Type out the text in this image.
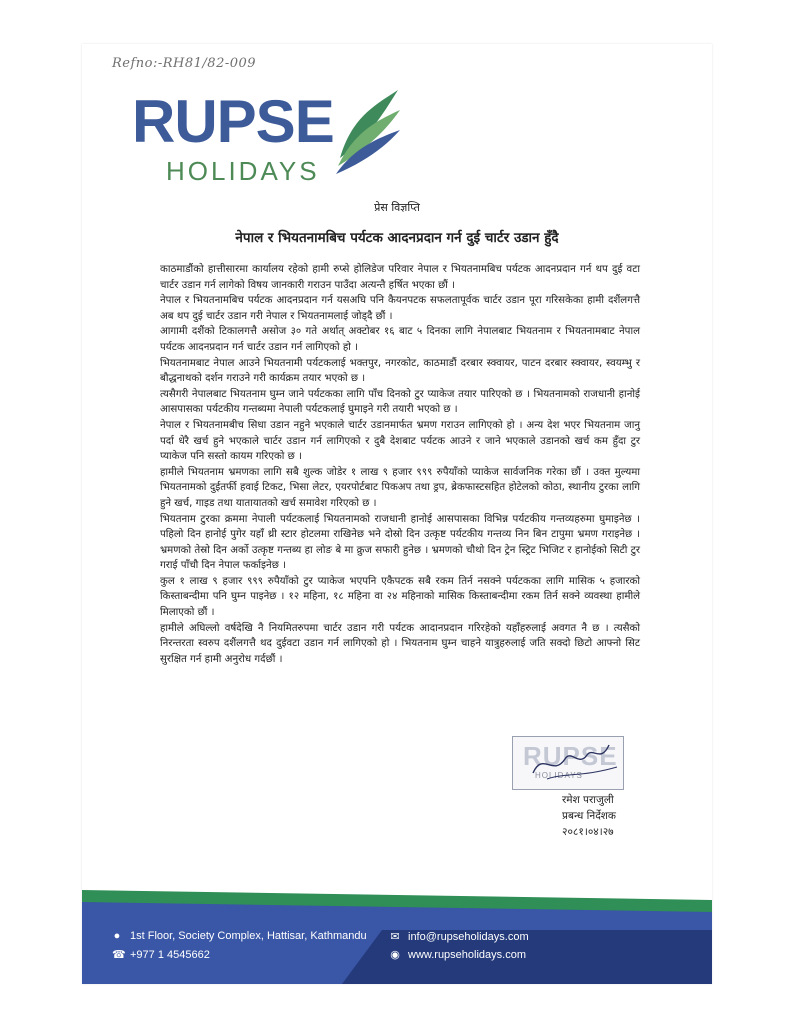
Refno:-RH81/82-009
RUPSE
HOLIDAYS
प्रेस विज्ञप्ति
नेपाल र भियतनामबिच पर्यटक आदनप्रदान गर्न दुई चार्टर उडान हुँदै

काठमाडौंको हात्तीसारमा कार्यालय रहेको हामी रुप्से होलिडेज परिवार नेपाल र भियतनामबिच पर्यटक आदनप्रदान गर्न थप दुई वटा चार्टर उडान गर्न लागेको विषय जानकारी गराउन पाउँदा अत्यन्तै हर्षित भएका छौं ।

नेपाल र भियतनामबिच पर्यटक आदनप्रदान गर्न यसअघि पनि कैयनपटक सफलतापूर्वक चार्टर उडान पूरा गरिसकेका हामी दशैंलगत्तै अब थप दुई चार्टर उडान गरी नेपाल र भियतनामलाई जोड्दै छौं ।

आगामी दशैंको टिकालगत्तै असोज ३० गते अर्थात् अक्टोबर १६ बाट ५ दिनका लागि नेपालबाट भियतनाम र भियतनामबाट नेपाल पर्यटक आदनप्रदान गर्न चार्टर उडान गर्न लागिएको हो ।

भियतनामबाट नेपाल आउने भियतनामी पर्यटकलाई भक्तपुर, नगरकोट, काठमाडौं दरबार स्क्वायर, पाटन दरबार स्क्वायर, स्वयम्भु र बौद्धनाथको दर्शन गराउने गरी कार्यक्रम तयार भएको छ ।

त्यसैगरी नेपालबाट भियतनाम घुम्न जाने पर्यटकका लागि पाँच दिनको टुर प्याकेज तयार पारिएको छ । भियतनामको राजधानी हानोई आसपासका पर्यटकीय गन्तब्यमा नेपाली पर्यटकलाई घुमाइने गरी तयारी भएको छ ।

नेपाल र भियतनामबीच सिधा उडान नहुने भएकाले चार्टर उडानमार्फत भ्रमण गराउन लागिएको हो । अन्य देश भएर भियतनाम जानु पर्दा धेरै खर्च हुने भएकाले चार्टर उडान गर्न लागिएको र दुबै देशबाट पर्यटक आउने र जाने भएकाले उडानको खर्च कम हुँदा टुर प्याकेज पनि सस्तो कायम गरिएको छ ।

हामीले भियतनाम भ्रमणका लागि सबै शुल्क जोडेर १ लाख ९ हजार ९९९ रुपैयाँको प्याकेज सार्वजनिक गरेका छौं । उक्त मुल्यमा भियतनामको दुईतर्फी हवाई टिकट, भिसा लेटर, एयरपोर्टबाट पिकअप तथा ड्रप, ब्रेकफास्टसहित होटेलको कोठा, स्थानीय टुरका लागि हुने खर्च, गाइड तथा यातायातको खर्च समावेश गरिएको छ ।

भियतनाम टुरका क्रममा नेपाली पर्यटकलाई भियतनामको राजधानी हानोई आसपासका विभिन्न पर्यटकीय गन्तव्यहरुमा घुमाइनेछ । पहिलो दिन हानोई पुगेर यहाँ थ्री स्टार होटलमा राखिनेछ भने दोस्रो दिन उत्कृष्ट पर्यटकीय गन्तव्य निन बिन टापुमा भ्रमण गराइनेछ । भ्रमणको तेस्रो दिन अर्को उत्कृष्ट गन्तब्य हा लोङ बे मा क्रुज सफारी हुनेछ । भ्रमणको चौथो दिन ट्रेन स्ट्रिट भिजिट र हानोईको सिटी टुर गराई पाँचौ दिन नेपाल फर्काइनेछ ।

कुल १ लाख ९ हजार ९९९ रुपैयाँको टुर प्याकेज भएपनि एकैपटक सबै रकम तिर्न नसक्ने पर्यटकका लागि मासिक ५ हजारको किस्ताबन्दीमा पनि घुम्न पाइनेछ । १२ महिना, १८ महिना वा २४ महिनाको मासिक किस्ताबन्दीमा रकम तिर्न सक्ने व्यवस्था हामीले मिलाएको छौं ।

हामीले अघिल्लो वर्षदेखि नै नियमितरुपमा चार्टर उडान गरी पर्यटक आदानप्रदान गरिरहेको यहाँहरुलाई अवगत नै छ । त्यसैको निरन्तरता स्वरुप दशैंलगत्तै थद दुईवटा उडान गर्न लागिएको हो । भियतनाम घुम्न चाहने यात्रुहरुलाई जति सक्दो छिटो आफ्नो सिट सुरक्षित गर्न हामी अनुरोध गर्दछौं ।

RUPSE
HOLIDAYS
रमेश पराजुली
प्रबन्ध निर्देशक
२०८१।०४।२७
● 1st Floor, Society Complex, Hattisar, Kathmandu
☎ +977 1 4545662
✉ info@rupseholidays.com
◉ www.rupseholidays.com
